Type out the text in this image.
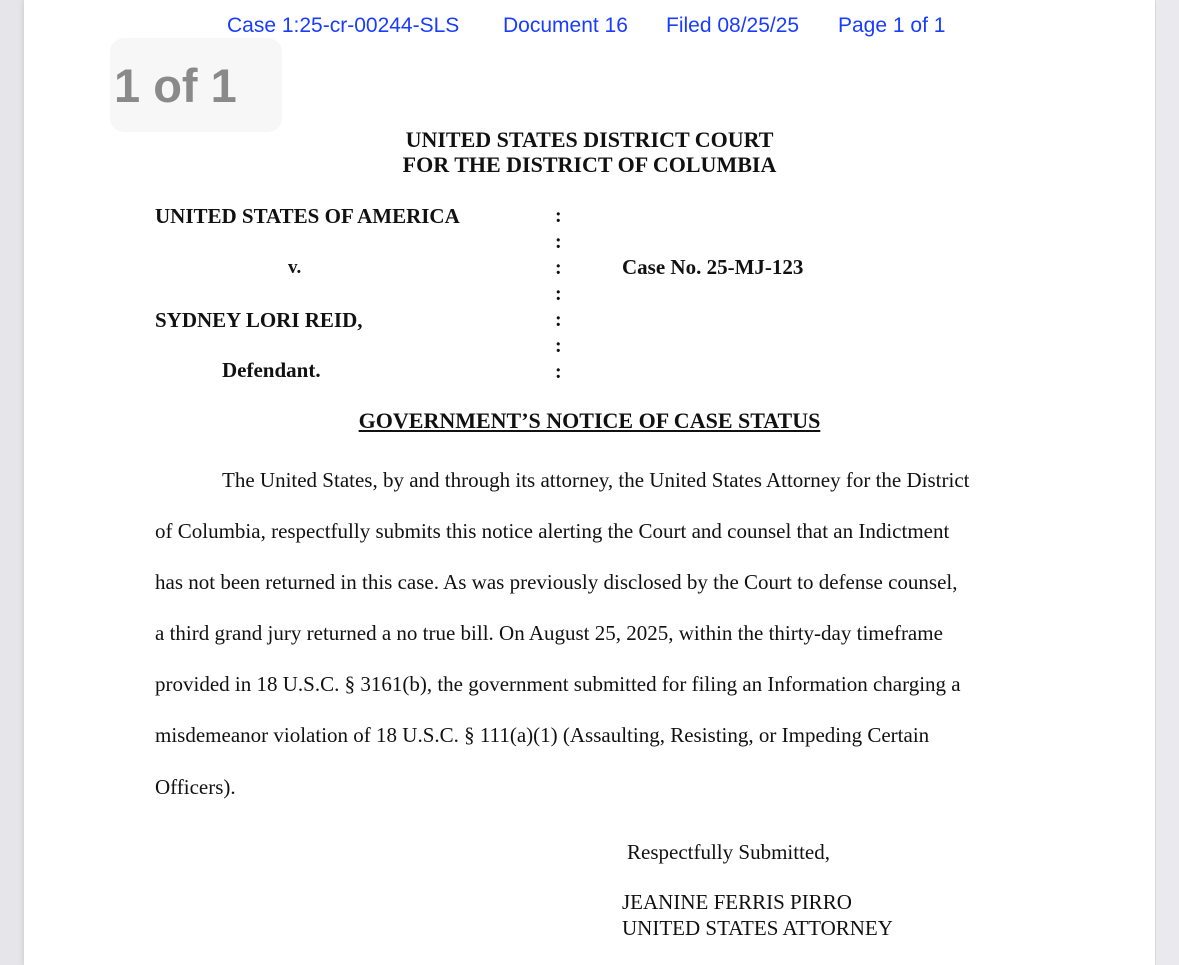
Case 1:25-cr-00244-SLS Document 16 Filed 08/25/25 Page 1 of 1
UNITED STATES DISTRICT COURT
FOR THE DISTRICT OF COLUMBIA
UNITED STATES OF AMERICA
v.	Case No. 25-MJ-123
SYDNEY LORI REID,
Defendant.
:
:
:
:
:
:
:
GOVERNMENT’S NOTICE OF CASE STATUS
The United States, by and through its attorney, the United States Attorney for the District
of Columbia, respectfully submits this notice alerting the Court and counsel that an Indictment
has not been returned in this case. As was previously disclosed by the Court to defense counsel,
a third grand jury returned a no true bill. On August 25, 2025, within the thirty-day timeframe
provided in 18 U.S.C. § 3161(b), the government submitted for filing an Information charging a
misdemeanor violation of 18 U.S.C. § 111(a)(1) (Assaulting, Resisting, or Impeding Certain
Officers).
Respectfully Submitted,
JEANINE FERRIS PIRRO
UNITED STATES ATTORNEY
1 of 1
